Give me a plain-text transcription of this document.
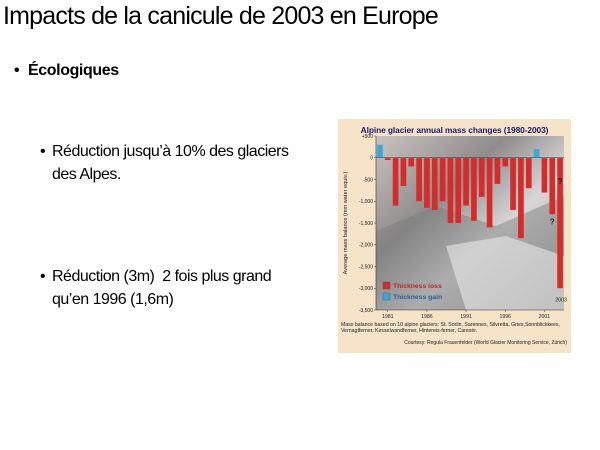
Impacts de la canicule de 2003 en Europe
• Écologiques
• Réduction jusqu’à 10% des glaciers
des Alpes.
• Réduction (3m)  2 fois plus grand
qu’en 1996 (1,6m)
Alpine glacier annual mass changes (1980-2003)
+500
0
-500
-1,000
-1,500
-2,000
-2,500
-3,000
-3,500
Average mass balance (mm water equiv.)
1981	1986	1991	1996	2001
?
?
2003
Thickness loss
Thickness gain
Mass balance based on 10 alpine glaciers: St. Sorlin, Sarennes, Silvretta, Gries,Sonnblickkees, Vernagtferner, Kesselwandferner, Hintereis-ferner, Caresèr.
Courtesy: Regula Frauenfelder (World Glacier Monitoring Service, Zürich)
